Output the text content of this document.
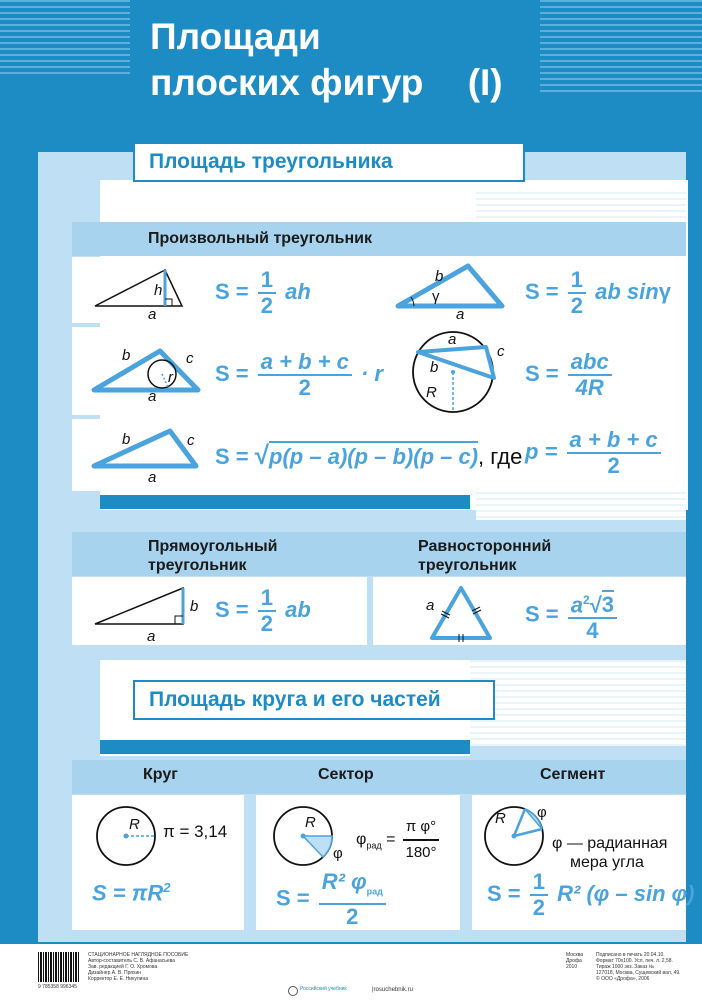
Площади
плоских фигур (I)
Площадь треугольника
Произвольный треугольник
h
a
$S = \frac{1}{2}$ ah
b
γ
a
$S = \frac{1}{2}$ ab sinγ
b	c
r
a
$S = \frac{a + b + c}{2} \cdot r$
a
c
b
R
$S = \frac{\text{abc}}{4R}$
b	c
a
S = √p(p – a)(p – b)(p – c), где $p = \frac{a + b + c}{2}$
Прямоугольный
треугольник
Равносторонний
треугольник
b
a
$S = \frac{1}{2}$ ab	a	$S = \frac{a^2√3}{4}$
Площадь круга и его частей
Круг	Сектор	Сегмент
R π = 3,14
$S = \pi R^2$
R
φ
$\varphi_{рад} = \frac{\text{π φ°}}{180^\circ}$
$S = \frac{R^2 \varphi_{рад}}{2}$
R φ
φ — радианная
мера угла
$S = \frac{1}{2} R^2$ (φ – sin φ)
9 785358 996345
СТАЦИОНАРНОЕ НАГЛЯДНОЕ ПОСОБИЕ
Автор-составитель С. В. Афанасьева
Зав. редакцией Г. О. Хромова
Дизайнер А. В. Пряхин
Корректор Е. Е. Никулина
Москва
Дрофа
2010
Подписано в печать 20.04.10.
Формат 70x100. Усл. печ. л. 2,58.
Тираж 1000 экз. Заказ №
127018, Москва, Сущевский вал, 49.
© ООО «Дрофа», 2006
Российский учебник	|rosuchebnik.ru
